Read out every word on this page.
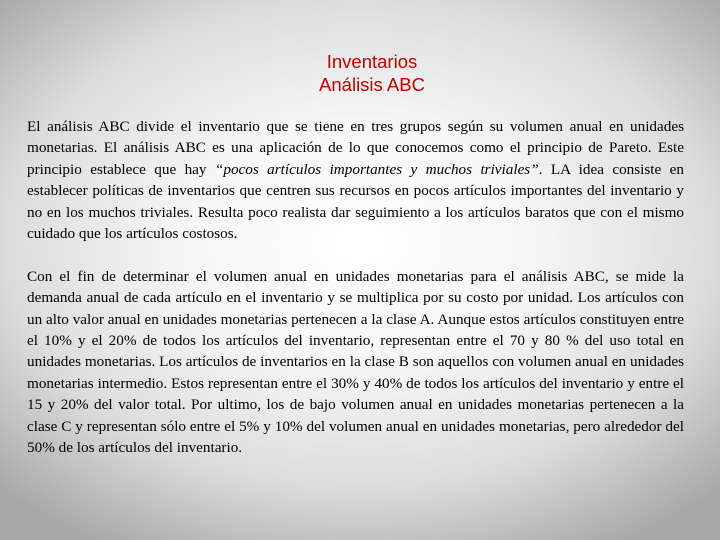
Inventarios
Análisis ABC

El análisis ABC divide el inventario que se tiene en tres grupos según su volumen anual en unidades monetarias. El análisis ABC es una aplicación de lo que conocemos como el principio de Pareto. Este principio establece que hay “pocos artículos importantes y muchos triviales”. LA idea consiste en establecer políticas de inventarios que centren sus recursos en pocos artículos importantes del inventario y no en los muchos triviales. Resulta poco realista dar seguimiento a los artículos baratos que con el mismo cuidado que los artículos costosos.

Con el fin de determinar el volumen anual en unidades monetarias para el análisis ABC, se mide la demanda anual de cada artículo en el inventario y se multiplica por su costo por unidad. Los artículos con un alto valor anual en unidades monetarias pertenecen a la clase A. Aunque estos artículos constituyen entre el 10% y el 20% de todos los artículos del inventario, representan entre el 70 y 80 % del uso total en unidades monetarias. Los artículos de inventarios en la clase B son aquellos con volumen anual en unidades monetarias intermedio. Estos representan entre el 30% y 40% de todos los artículos del inventario y entre el 15 y 20% del valor total. Por ultimo, los de bajo volumen anual en unidades monetarias pertenecen a la clase C y representan sólo entre el 5% y 10% del volumen anual en unidades monetarias, pero alrededor del 50% de los artículos del inventario.
